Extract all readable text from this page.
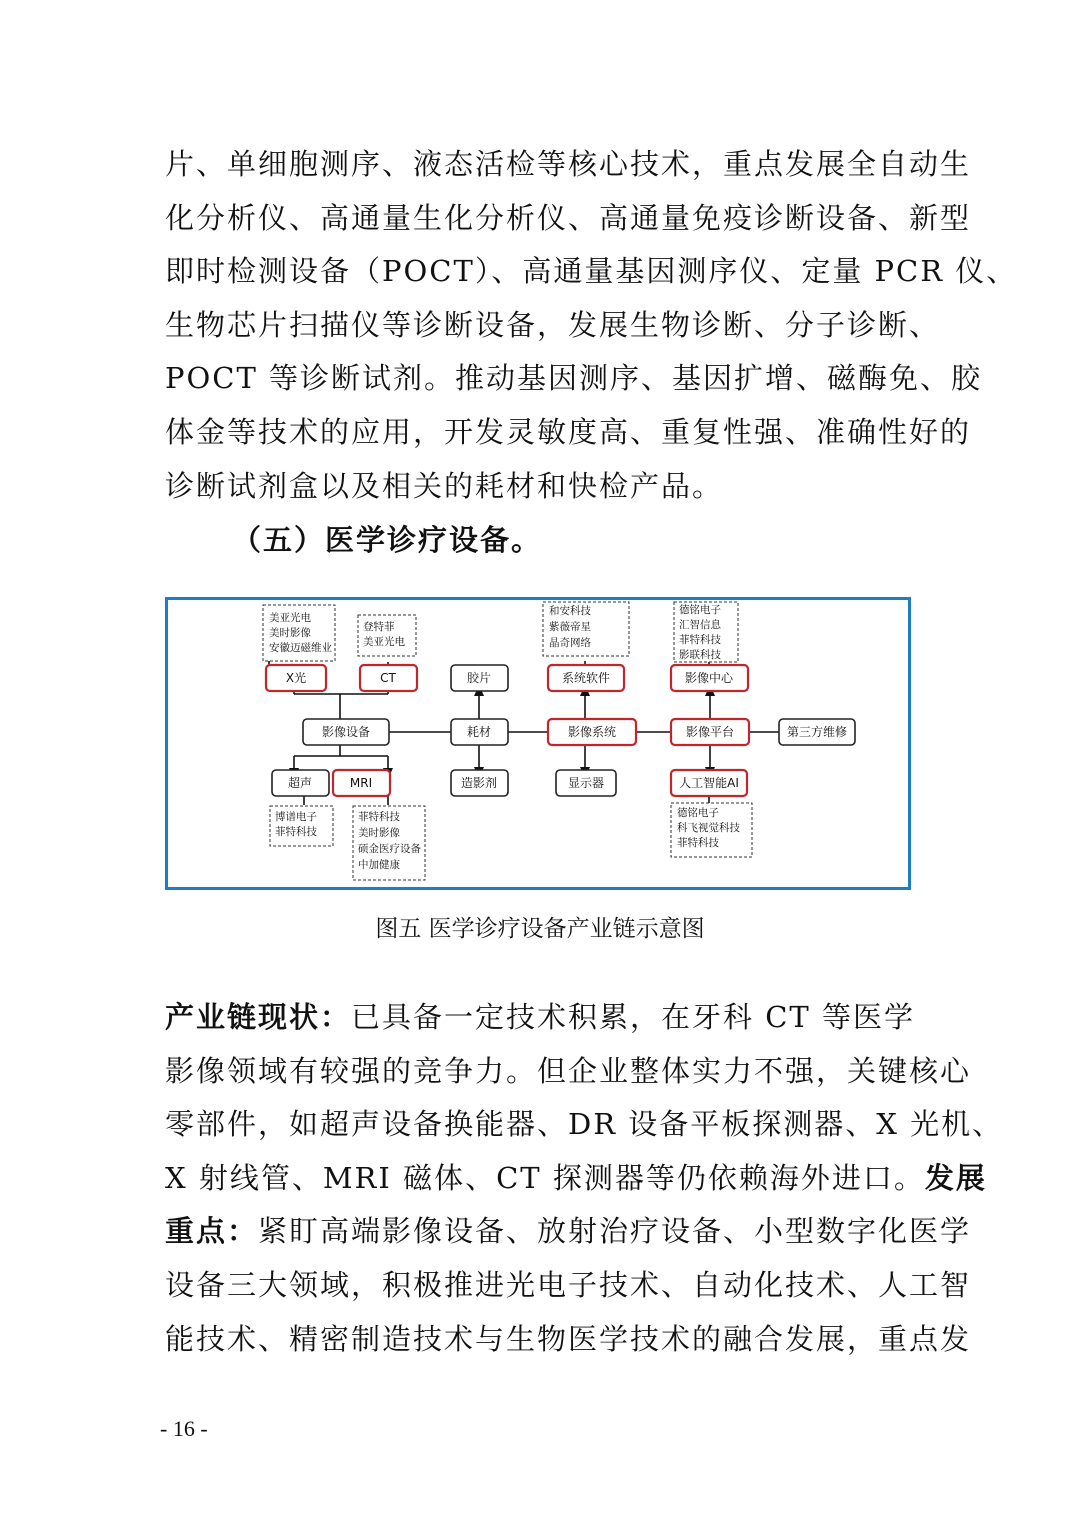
片、单细胞测序、液态活检等核心技术，重点发展全自动生
化分析仪、高通量生化分析仪、高通量免疫诊断设备、新型
即时检测设备（POCT）、高通量基因测序仪、定量 PCR 仪、
生物芯片扫描仪等诊断设备，发展生物诊断、分子诊断、
POCT 等诊断试剂。推动基因测序、基因扩增、磁酶免、胶
体金等技术的应用，开发灵敏度高、重复性强、准确性好的
诊断试剂盒以及相关的耗材和快检产品。
（五）医学诊疗设备。
X光	CT
影像设备
超声	MRI
胶片
耗材
造影剂
系统软件
影像系统
显示器
影像中心
影像平台
人工智能AI
第三方维修
美亚光电
美时影像
安徽迈磁维业
登特菲
美亚光电
博谱电子
菲特科技
菲特科技
美时影像
硕金医疗设备
中加健康
和安科技
紫薇帝星
晶奇网络
德铭电子
汇智信息
菲特科技
影联科技
德铭电子
科飞视觉科技
菲特科技
图五 医学诊疗设备产业链示意图
产业链现状：已具备一定技术积累，在牙科 CT 等医学
影像领域有较强的竞争力。但企业整体实力不强，关键核心
零部件，如超声设备换能器、DR 设备平板探测器、X 光机、
X 射线管、MRI 磁体、CT 探测器等仍依赖海外进口。发展
重点：紧盯高端影像设备、放射治疗设备、小型数字化医学
设备三大领域，积极推进光电子技术、自动化技术、人工智
能技术、精密制造技术与生物医学技术的融合发展，重点发
- 16 -
